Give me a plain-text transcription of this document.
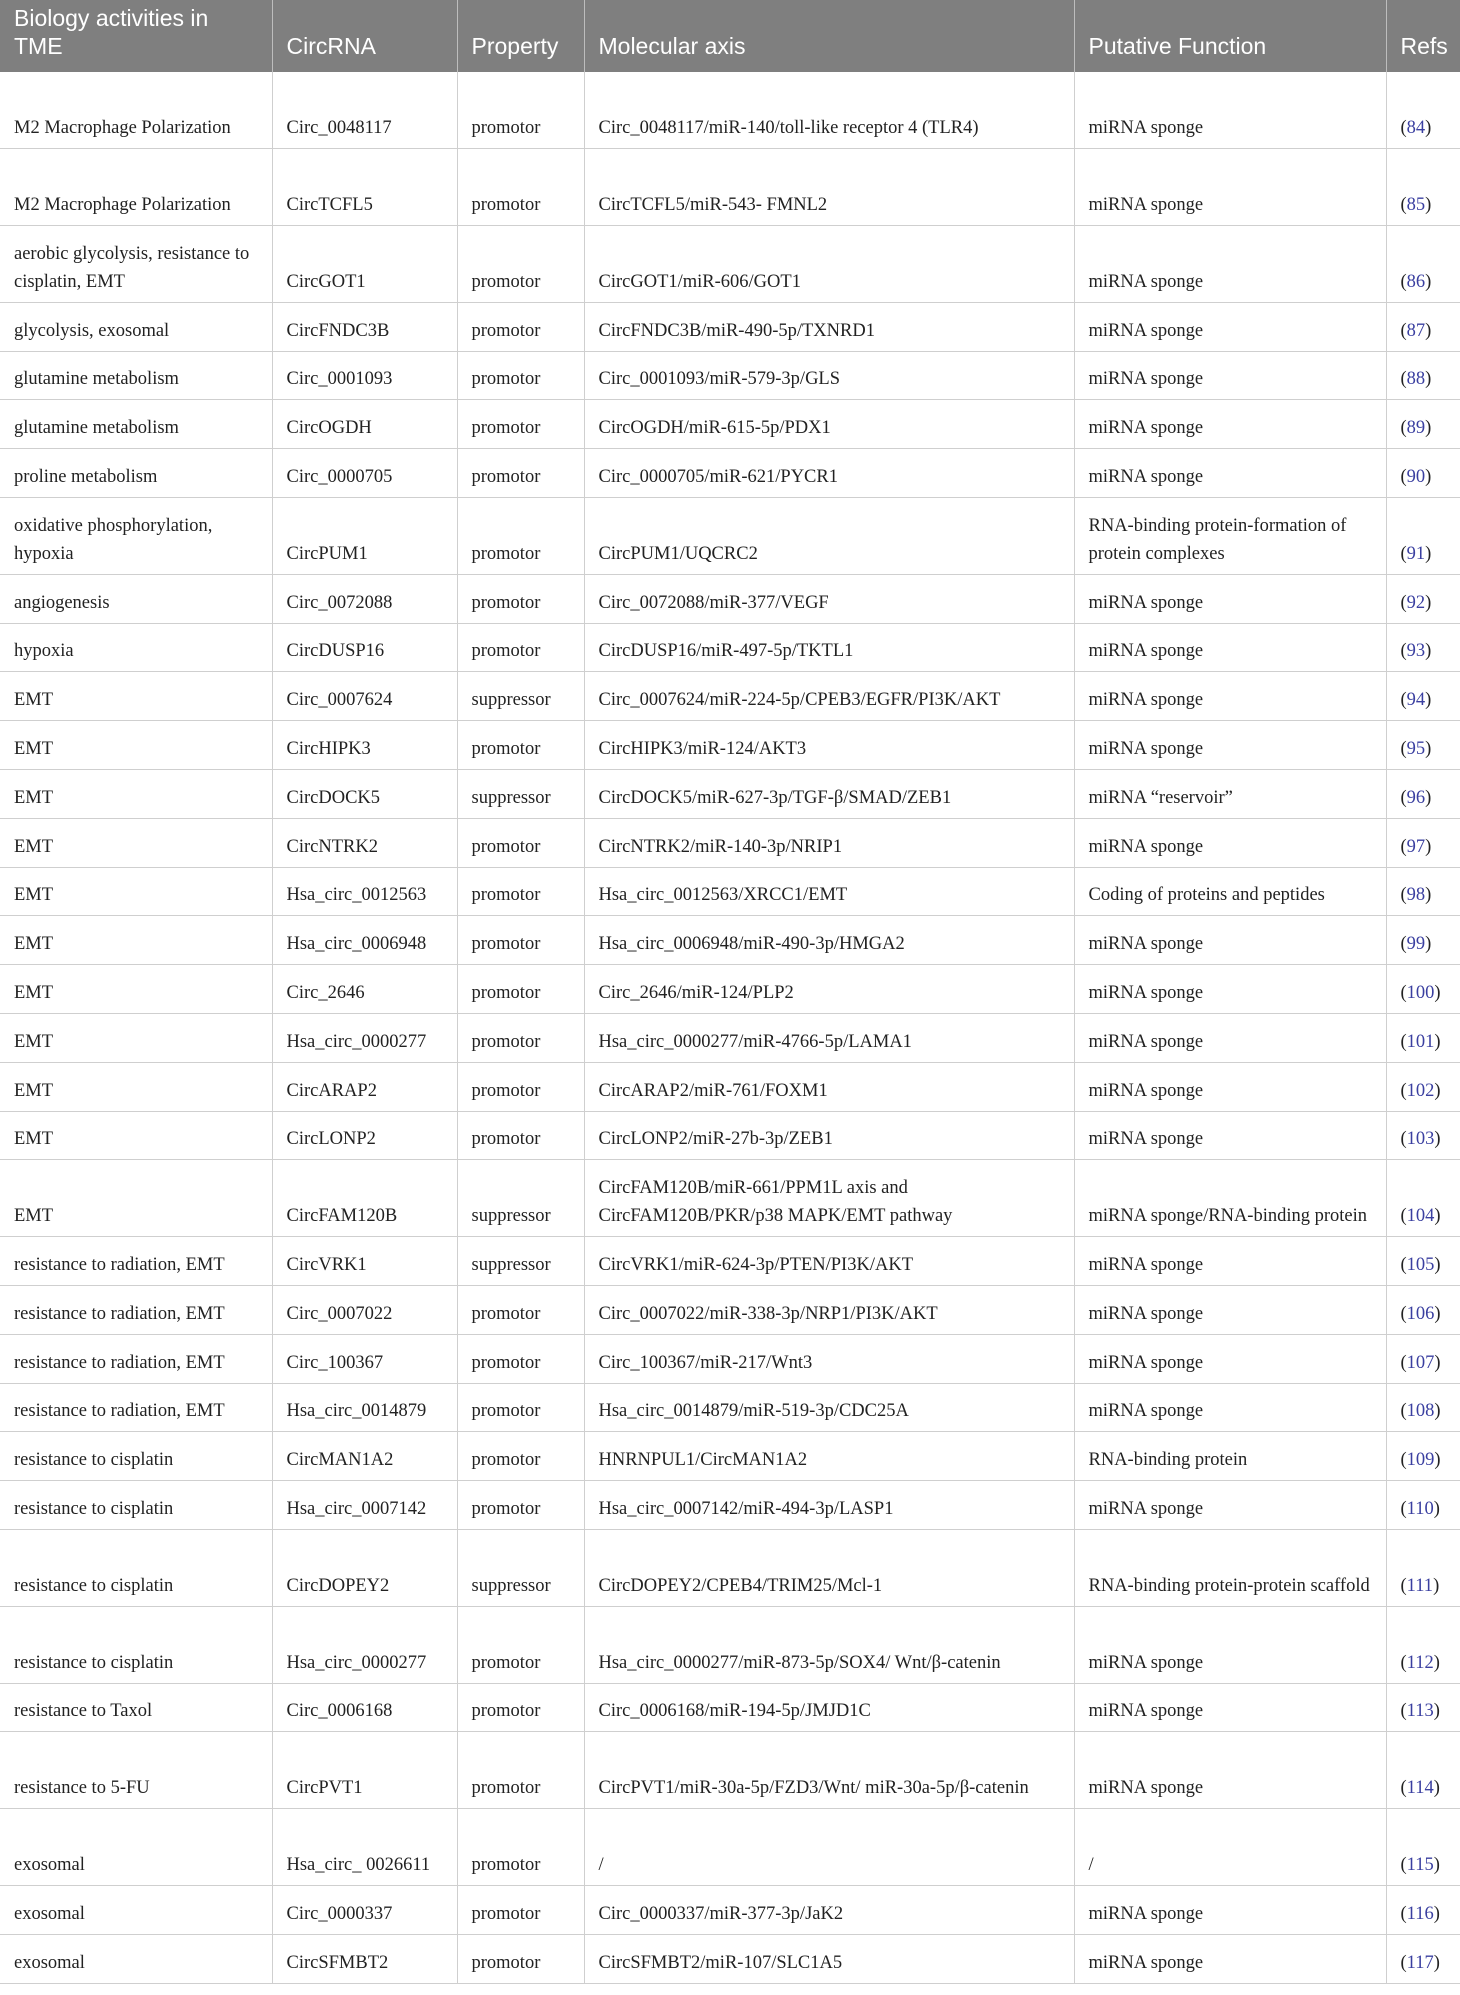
Biology activities in TME	CircRNA	Property	Molecular axis	Putative Function	Refs
M2 Macrophage Polarization	Circ_0048117	promotor	Circ_0048117/miR-140/toll-like receptor 4 (TLR4)	miRNA sponge	(84)
M2 Macrophage Polarization	CircTCFL5	promotor	CircTCFL5/miR-543- FMNL2	miRNA sponge	(85)
aerobic glycolysis, resistance to cisplatin, EMT	CircGOT1	promotor	CircGOT1/miR-606/GOT1	miRNA sponge	(86)
glycolysis, exosomal	CircFNDC3B	promotor	CircFNDC3B/miR-490-5p/TXNRD1	miRNA sponge	(87)
glutamine metabolism	Circ_0001093	promotor	Circ_0001093/miR-579-3p/GLS	miRNA sponge	(88)
glutamine metabolism	CircOGDH	promotor	CircOGDH/miR-615-5p/PDX1	miRNA sponge	(89)
proline metabolism	Circ_0000705	promotor	Circ_0000705/miR-621/PYCR1	miRNA sponge	(90)
oxidative phosphorylation, hypoxia	CircPUM1	promotor	CircPUM1/UQCRC2	RNA-binding protein-formation of protein complexes	(91)
angiogenesis	Circ_0072088	promotor	Circ_0072088/miR-377/VEGF	miRNA sponge	(92)
hypoxia	CircDUSP16	promotor	CircDUSP16/miR-497-5p/TKTL1	miRNA sponge	(93)
EMT	Circ_0007624	suppressor	Circ_0007624/miR-224-5p/CPEB3/EGFR/PI3K/AKT	miRNA sponge	(94)
EMT	CircHIPK3	promotor	CircHIPK3/miR-124/AKT3	miRNA sponge	(95)
EMT	CircDOCK5	suppressor	CircDOCK5/miR-627-3p/TGF-β/SMAD/ZEB1	miRNA “reservoir”	(96)
EMT	CircNTRK2	promotor	CircNTRK2/miR-140-3p/NRIP1	miRNA sponge	(97)
EMT	Hsa_circ_0012563	promotor	Hsa_circ_0012563/XRCC1/EMT	Coding of proteins and peptides	(98)
EMT	Hsa_circ_0006948	promotor	Hsa_circ_0006948/miR-490-3p/HMGA2	miRNA sponge	(99)
EMT	Circ_2646	promotor	Circ_2646/miR-124/PLP2	miRNA sponge	(100)
EMT	Hsa_circ_0000277	promotor	Hsa_circ_0000277/miR-4766-5p/LAMA1	miRNA sponge	(101)
EMT	CircARAP2	promotor	CircARAP2/miR-761/FOXM1	miRNA sponge	(102)
EMT	CircLONP2	promotor	CircLONP2/miR-27b-3p/ZEB1	miRNA sponge	(103)
EMT	CircFAM120B	suppressor	CircFAM120B/miR-661/PPM1L axis and CircFAM120B/PKR/p38 MAPK/EMT pathway	miRNA sponge/RNA-binding protein	(104)
resistance to radiation, EMT	CircVRK1	suppressor	CircVRK1/miR-624-3p/PTEN/PI3K/AKT	miRNA sponge	(105)
resistance to radiation, EMT	Circ_0007022	promotor	Circ_0007022/miR-338-3p/NRP1/PI3K/AKT	miRNA sponge	(106)
resistance to radiation, EMT	Circ_100367	promotor	Circ_100367/miR-217/Wnt3	miRNA sponge	(107)
resistance to radiation, EMT	Hsa_circ_0014879	promotor	Hsa_circ_0014879/miR-519-3p/CDC25A	miRNA sponge	(108)
resistance to cisplatin	CircMAN1A2	promotor	HNRNPUL1/CircMAN1A2	RNA-binding protein	(109)
resistance to cisplatin	Hsa_circ_0007142	promotor	Hsa_circ_0007142/miR-494-3p/LASP1	miRNA sponge	(110)
resistance to cisplatin	CircDOPEY2	suppressor	CircDOPEY2/CPEB4/TRIM25/Mcl-1	RNA-binding protein-protein scaffold	(111)
resistance to cisplatin	Hsa_circ_0000277	promotor	Hsa_circ_0000277/miR-873-5p/SOX4/ Wnt/β-catenin	miRNA sponge	(112)
resistance to Taxol	Circ_0006168	promotor	Circ_0006168/miR-194-5p/JMJD1C	miRNA sponge	(113)
resistance to 5-FU	CircPVT1	promotor	CircPVT1/miR-30a-5p/FZD3/Wnt/ miR-30a-5p/β-catenin	miRNA sponge	(114)
exosomal	Hsa_circ_ 0026611	promotor	/	/	(115)
exosomal	Circ_0000337	promotor	Circ_0000337/miR-377-3p/JaK2	miRNA sponge	(116)
exosomal	CircSFMBT2	promotor	CircSFMBT2/miR-107/SLC1A5	miRNA sponge	(117)
